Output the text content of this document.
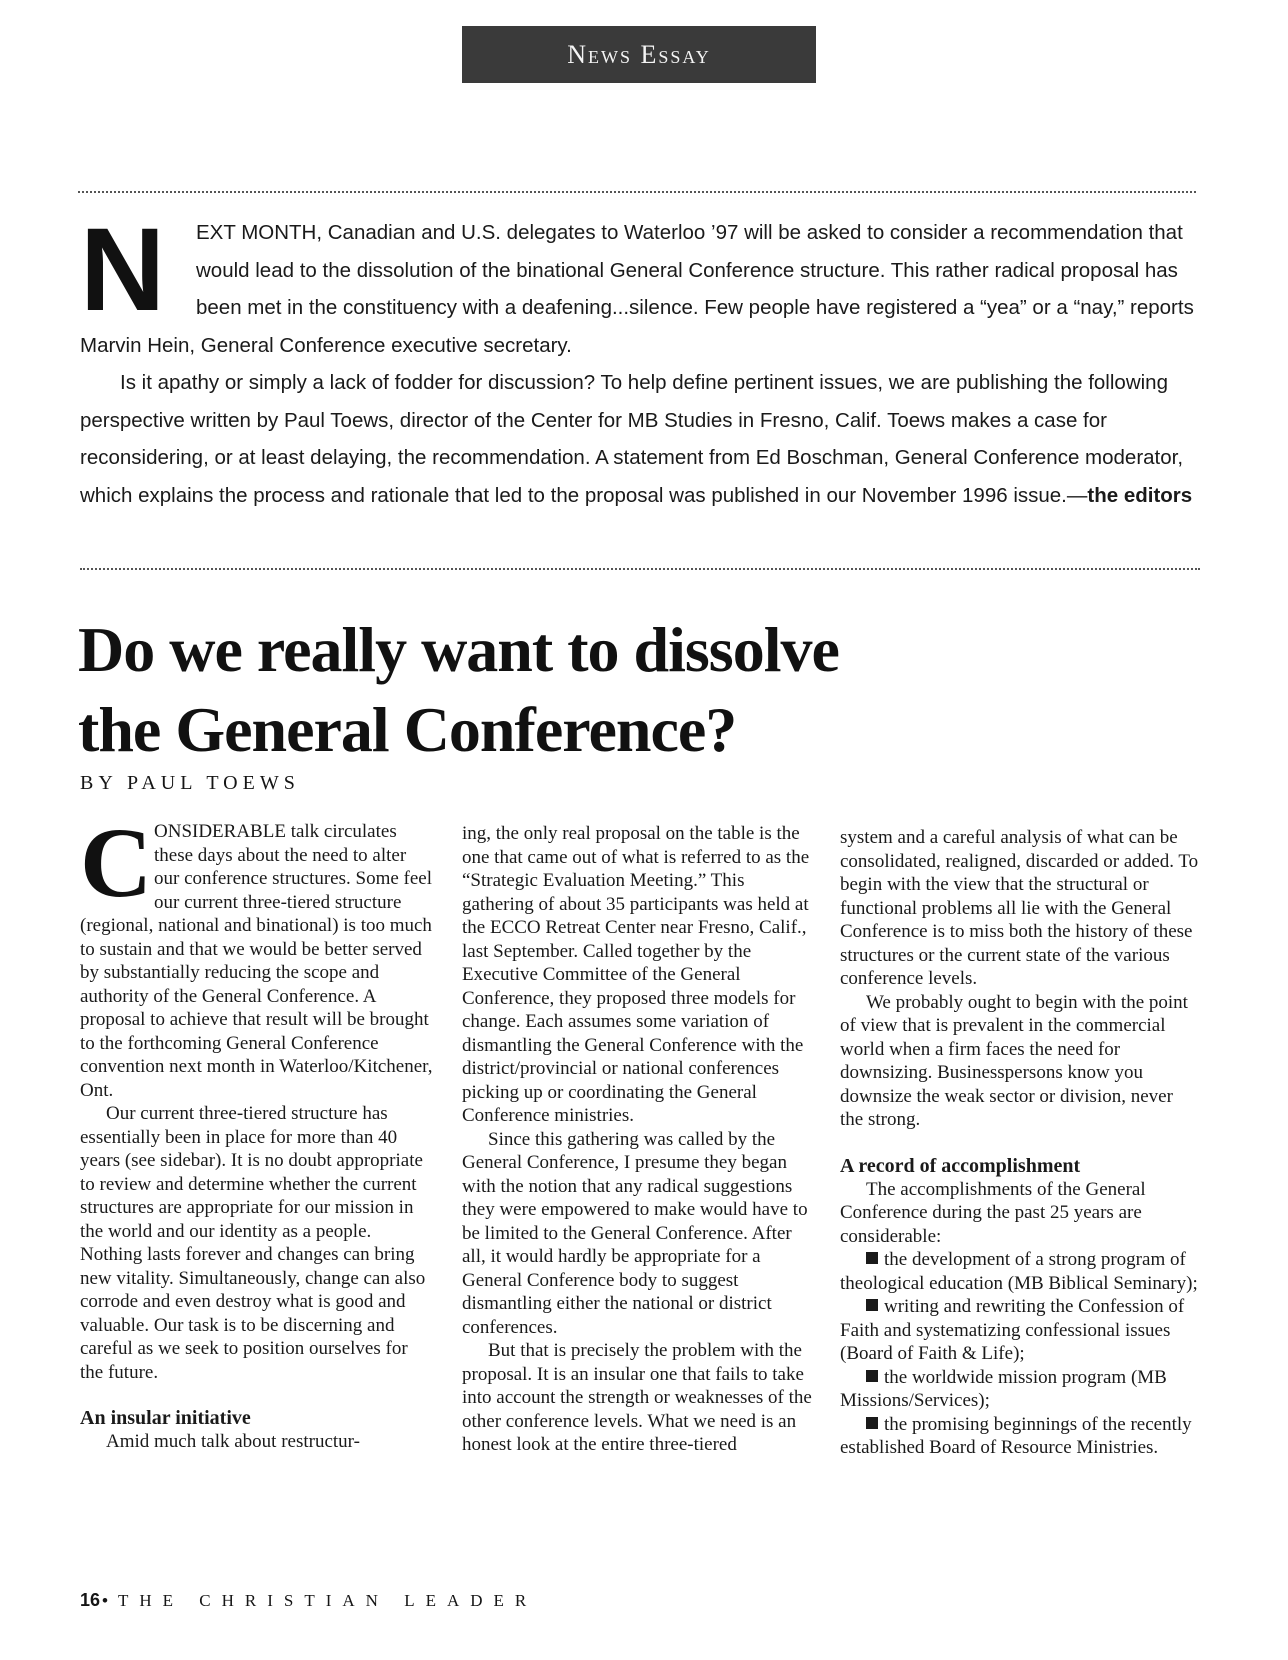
News Essay

N	EXT MONTH, Canadian and U.S. delegates to Waterloo ’97 will be asked to consider a recommendation that would lead to the dissolution of the binational General Conference structure. This rather radical proposal has been met in the constituency with a deafening...silence. Few people have registered a “yea” or a “nay,” reports Marvin Hein, General Conference executive secretary.

Is it apathy or simply a lack of fodder for discussion? To help define pertinent issues, we are publishing the following perspective written by Paul Toews, director of the Center for MB Studies in Fresno, Calif. Toews makes a case for reconsidering, or at least delaying, the recommendation. A statement from Ed Boschman, General Conference moderator, which explains the process and rationale that led to the proposal was published in our November 1996 issue.—the editors

Do we really want to dissolve the General Conference?
BY PAUL TOEWS

CONSIDERABLE talk circulates these days about the need to alter our conference structures. Some feel our current three-tiered structure (regional, national and binational) is too much to sustain and that we would be better served by substantially reducing the scope and authority of the General Conference. A proposal to achieve that result will be brought to the forthcoming General Conference convention next month in Waterloo/Kitchener, Ont.

Our current three-tiered structure has essentially been in place for more than 40 years (see sidebar). It is no doubt appropriate to review and determine whether the current structures are appropriate for our mission in the world and our identity as a people. Nothing lasts forever and changes can bring new vitality. Simultaneously, change can also corrode and even destroy what is good and valuable. Our task is to be discerning and careful as we seek to position ourselves for the future.

An insular initiative

Amid much talk about restructur-

ing, the only real proposal on the table is the one that came out of what is referred to as the “Strategic Evaluation Meeting.” This gathering of about 35 participants was held at the ECCO Retreat Center near Fresno, Calif., last September. Called together by the Executive Committee of the General Conference, they proposed three models for change. Each assumes some variation of dismantling the General Conference with the district/provincial or national conferences picking up or coordinating the General Conference ministries.

Since this gathering was called by the General Conference, I presume they began with the notion that any radical suggestions they were empowered to make would have to be limited to the General Conference. After all, it would hardly be appropriate for a General Conference body to suggest dismantling either the national or district conferences.

But that is precisely the problem with the proposal. It is an insular one that fails to take into account the strength or weaknesses of the other conference levels. What we need is an honest look at the entire three-tiered

system and a careful analysis of what can be consolidated, realigned, discarded or added. To begin with the view that the structural or functional problems all lie with the General Conference is to miss both the history of these structures or the current state of the various conference levels.

We probably ought to begin with the point of view that is prevalent in the commercial world when a firm faces the need for downsizing. Businesspersons know you downsize the weak sector or division, never the strong.

A record of accomplishment

The accomplishments of the General Conference during the past 25 years are considerable:

the development of a strong program of theological education (MB Biblical Seminary);

writing and rewriting the Confession of Faith and systematizing confessional issues (Board of Faith & Life);

the worldwide mission program (MB Missions/Services);

the promising beginnings of the recently established Board of Resource Ministries.

16 • THE CHRISTIAN LEADER
